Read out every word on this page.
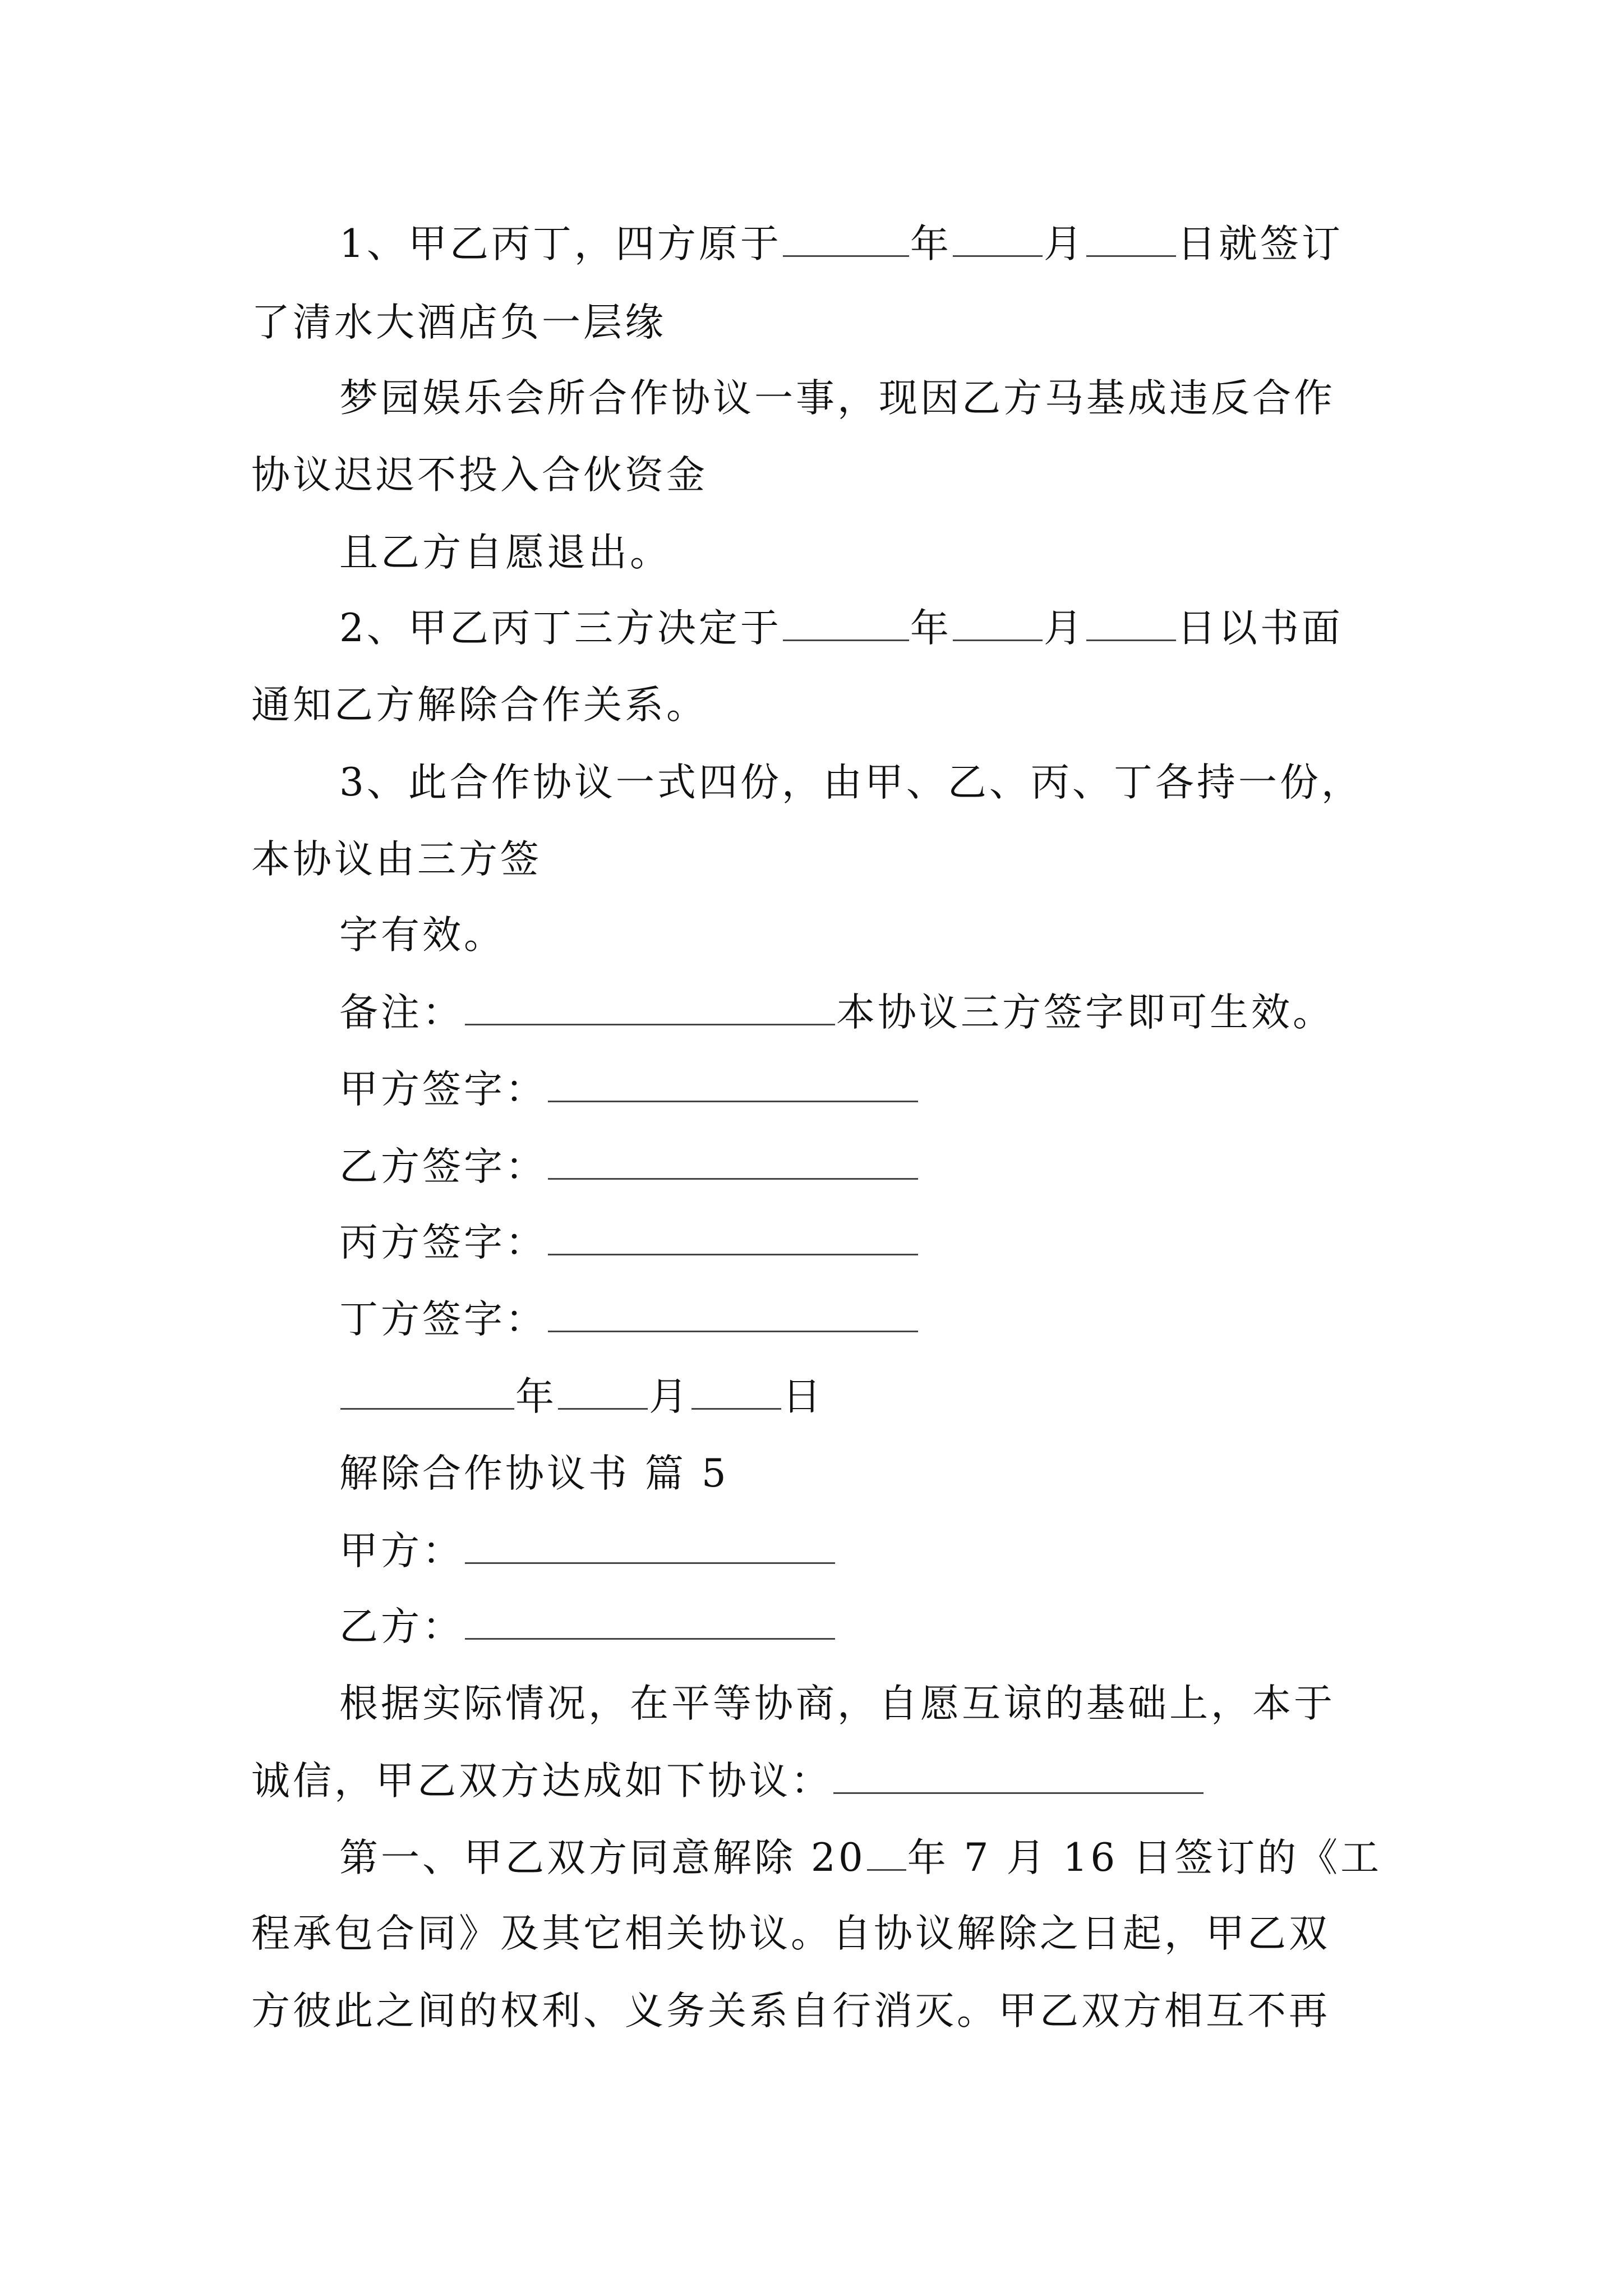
1、甲乙丙丁，四方原于	年 月 日就签订
了清水大酒店负一层缘
梦园娱乐会所合作协议一事，现因乙方马基成违反合作
协议迟迟不投入合伙资金
且乙方自愿退出。
2、甲乙丙丁三方决定于	年 月 日以书面
通知乙方解除合作关系。
3、此合作协议一式四份，由甲、乙、丙、丁各持一份，
本协议由三方签
字有效。
备注：	本协议三方签字即可生效。
甲方签字：
乙方签字：
丙方签字：
丁方签字：
年 月 日
解除合作协议书 篇 5
甲方：
乙方：
根据实际情况，在平等协商，自愿互谅的基础上，本于
诚信，甲乙双方达成如下协议：
第一、甲乙双方同意解除 20 年 7 月 16 日签订的《工
程承包合同》及其它相关协议。自协议解除之日起，甲乙双
方彼此之间的权利、义务关系自行消灭。甲乙双方相互不再
